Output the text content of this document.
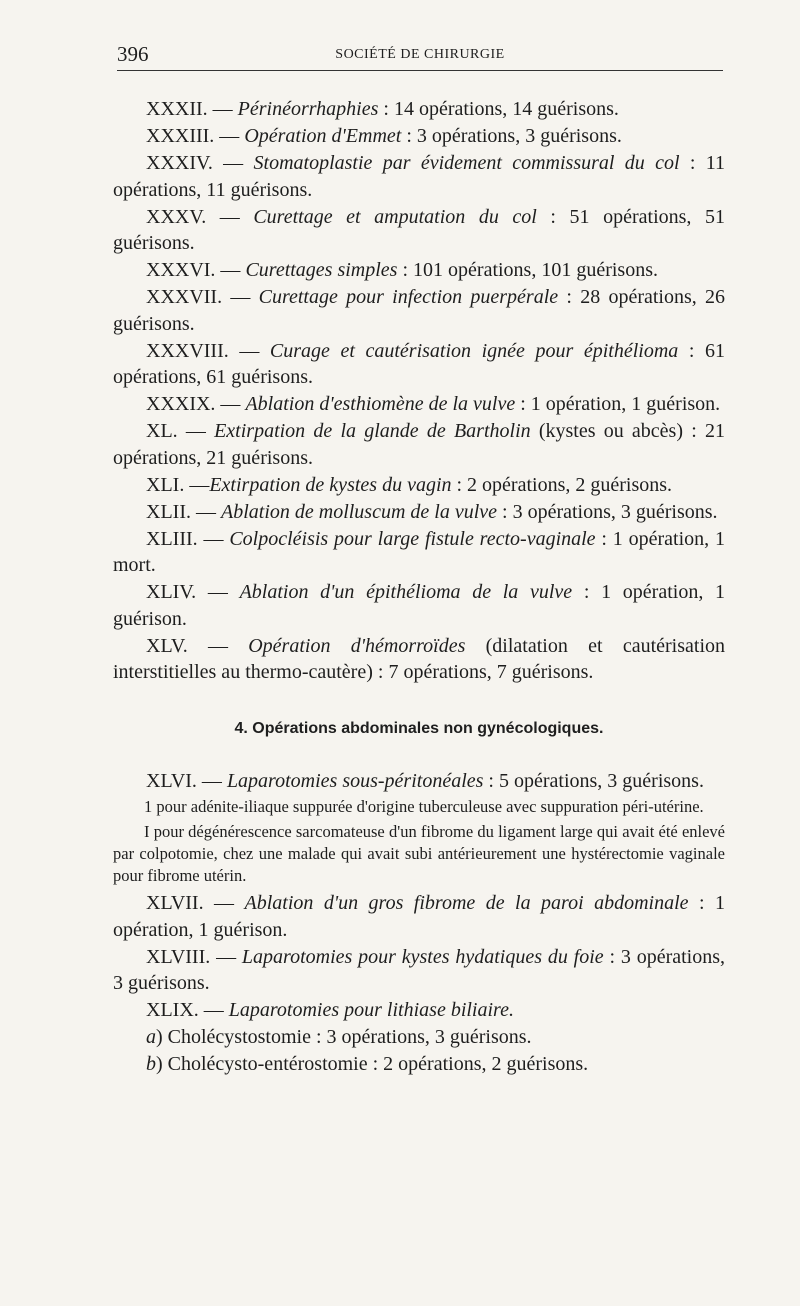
396	SOCIÉTÉ DE CHIRURGIE

XXXII. — Périnéorrhaphies : 14 opérations, 14 guérisons.

XXXIII. — Opération d'Emmet : 3 opérations, 3 guérisons.

XXXIV. — Stomatoplastie par évidement commissural du col : 11 opérations, 11 guérisons.

XXXV. — Curettage et amputation du col : 51 opérations, 51 guérisons.

XXXVI. — Curettages simples : 101 opérations, 101 guérisons.

XXXVII. — Curettage pour infection puerpérale : 28 opérations, 26 guérisons.

XXXVIII. — Curage et cautérisation ignée pour épithélioma : 61 opérations, 61 guérisons.

XXXIX. — Ablation d'esthiomène de la vulve : 1 opération, 1 guérison.

XL. — Extirpation de la glande de Bartholin (kystes ou abcès) : 21 opérations, 21 guérisons.

XLI. —Extirpation de kystes du vagin : 2 opérations, 2 guérisons.

XLII. — Ablation de molluscum de la vulve : 3 opérations, 3 guérisons.

XLIII. — Colpocléisis pour large fistule recto-vaginale : 1 opération, 1 mort.

XLIV. — Ablation d'un épithélioma de la vulve : 1 opération, 1 guérison.

XLV. — Opération d'hémorroïdes (dilatation et cautérisation interstitielles au thermo-cautère) : 7 opérations, 7 guérisons.

4. Opérations abdominales non gynécologiques.

XLVI. — Laparotomies sous-péritonéales : 5 opérations, 3 guérisons.

1 pour adénite-iliaque suppurée d'origine tuberculeuse avec suppuration péri-utérine.

I pour dégénérescence sarcomateuse d'un fibrome du ligament large qui avait été enlevé par colpotomie, chez une malade qui avait subi antérieurement une hystérectomie vaginale pour fibrome utérin.

XLVII. — Ablation d'un gros fibrome de la paroi abdominale : 1 opération, 1 guérison.

XLVIII. — Laparotomies pour kystes hydatiques du foie : 3 opérations, 3 guérisons.

XLIX. — Laparotomies pour lithiase biliaire.

a) Cholécystostomie : 3 opérations, 3 guérisons.
b) Cholécysto-entérostomie : 2 opérations, 2 guérisons.
